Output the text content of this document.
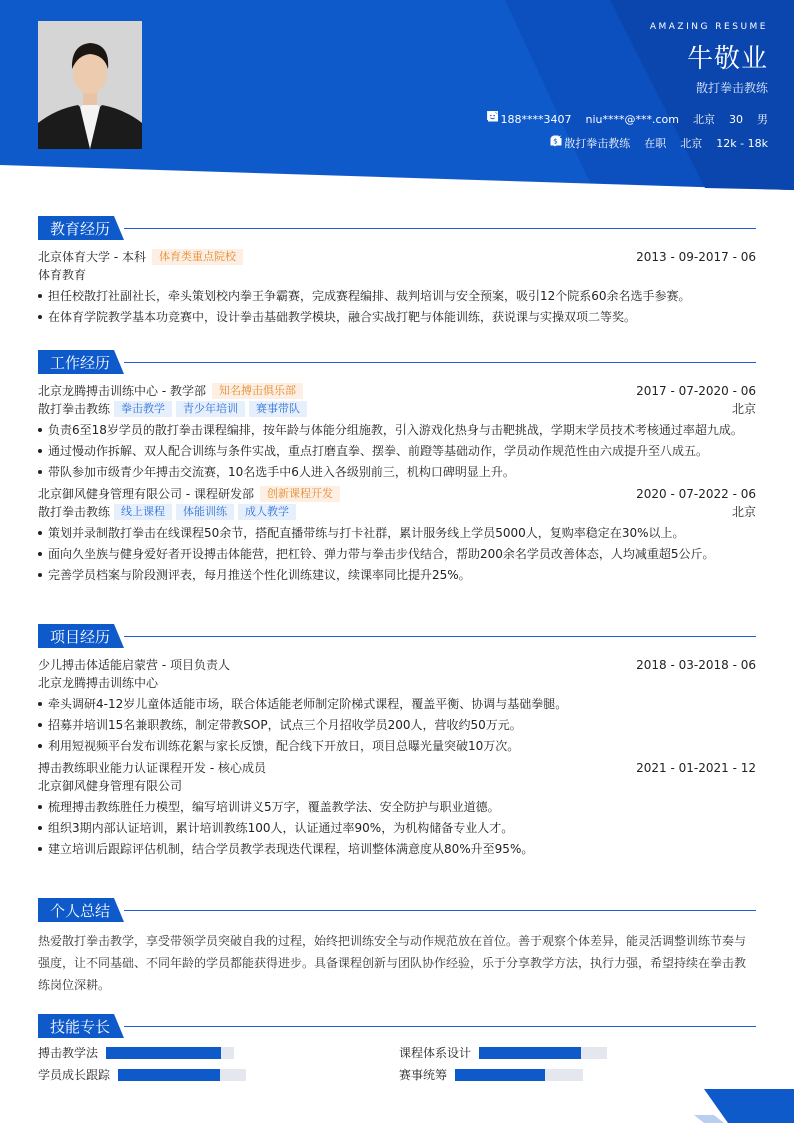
AMAZING RESUME
牛敬业
散打拳击教练
188****3407 niu****@***.com 北京 30 男
散打拳击教练 在职 北京
$	12k - 18k
教育经历
北京体育大学 - 本科	体育类重点院校	2013 - 09-2017 - 06
体育教育
担任校散打社副社长，牵头策划校内拳王争霸赛，完成赛程编排、裁判培训与安全预案，吸引12个院系60余名选手参赛。
在体育学院教学基本功竞赛中，设计拳击基础教学模块，融合实战打靶与体能训练，获说课与实操双项二等奖。
工作经历
北京龙腾搏击训练中心 - 教学部	知名搏击俱乐部	2017 - 07-2020 - 06
散打拳击教练	拳击教学	青少年培训	赛事带队	北京
负责6至18岁学员的散打拳击课程编排，按年龄与体能分组施教，引入游戏化热身与击靶挑战，学期末学员技术考核通过率超九成。
通过慢动作拆解、双人配合训练与条件实战，重点打磨直拳、摆拳、前蹬等基础动作，学员动作规范性由六成提升至八成五。
带队参加市级青少年搏击交流赛，10名选手中6人进入各级别前三，机构口碑明显上升。
北京御风健身管理有限公司 - 课程研发部	创新课程开发	2020 - 07-2022 - 06
散打拳击教练	线上课程	体能训练	成人教学	北京
策划并录制散打拳击在线课程50余节，搭配直播带练与打卡社群，累计服务线上学员5000人，复购率稳定在30%以上。
面向久坐族与健身爱好者开设搏击体能营，把杠铃、弹力带与拳击步伐结合，帮助200余名学员改善体态，人均减重超5公斤。
完善学员档案与阶段测评表，每月推送个性化训练建议，续课率同比提升25%。
项目经历
少儿搏击体适能启蒙营 - 项目负责人	2018 - 03-2018 - 06
北京龙腾搏击训练中心
牵头调研4-12岁儿童体适能市场，联合体适能老师制定阶梯式课程，覆盖平衡、协调与基础拳腿。
招募并培训15名兼职教练，制定带教SOP，试点三个月招收学员200人，营收约50万元。
利用短视频平台发布训练花絮与家长反馈，配合线下开放日，项目总曝光量突破10万次。
搏击教练职业能力认证课程开发 - 核心成员	2021 - 01-2021 - 12
北京御风健身管理有限公司
梳理搏击教练胜任力模型，编写培训讲义5万字，覆盖教学法、安全防护与职业道德。
组织3期内部认证培训，累计培训教练100人，认证通过率90%，为机构储备专业人才。
建立培训后跟踪评估机制，结合学员教学表现迭代课程，培训整体满意度从80%升至95%。
个人总结
热爱散打拳击教学，享受带领学员突破自我的过程，始终把训练安全与动作规范放在首位。善于观察个体差异，能灵活调整训练节奏与强度，让不同基础、不同年龄的学员都能获得进步。具备课程创新与团队协作经验，乐于分享教学方法，执行力强，希望持续在拳击教练岗位深耕。
技能专长
搏击教学法	课程体系设计
学员成长跟踪	赛事统筹
